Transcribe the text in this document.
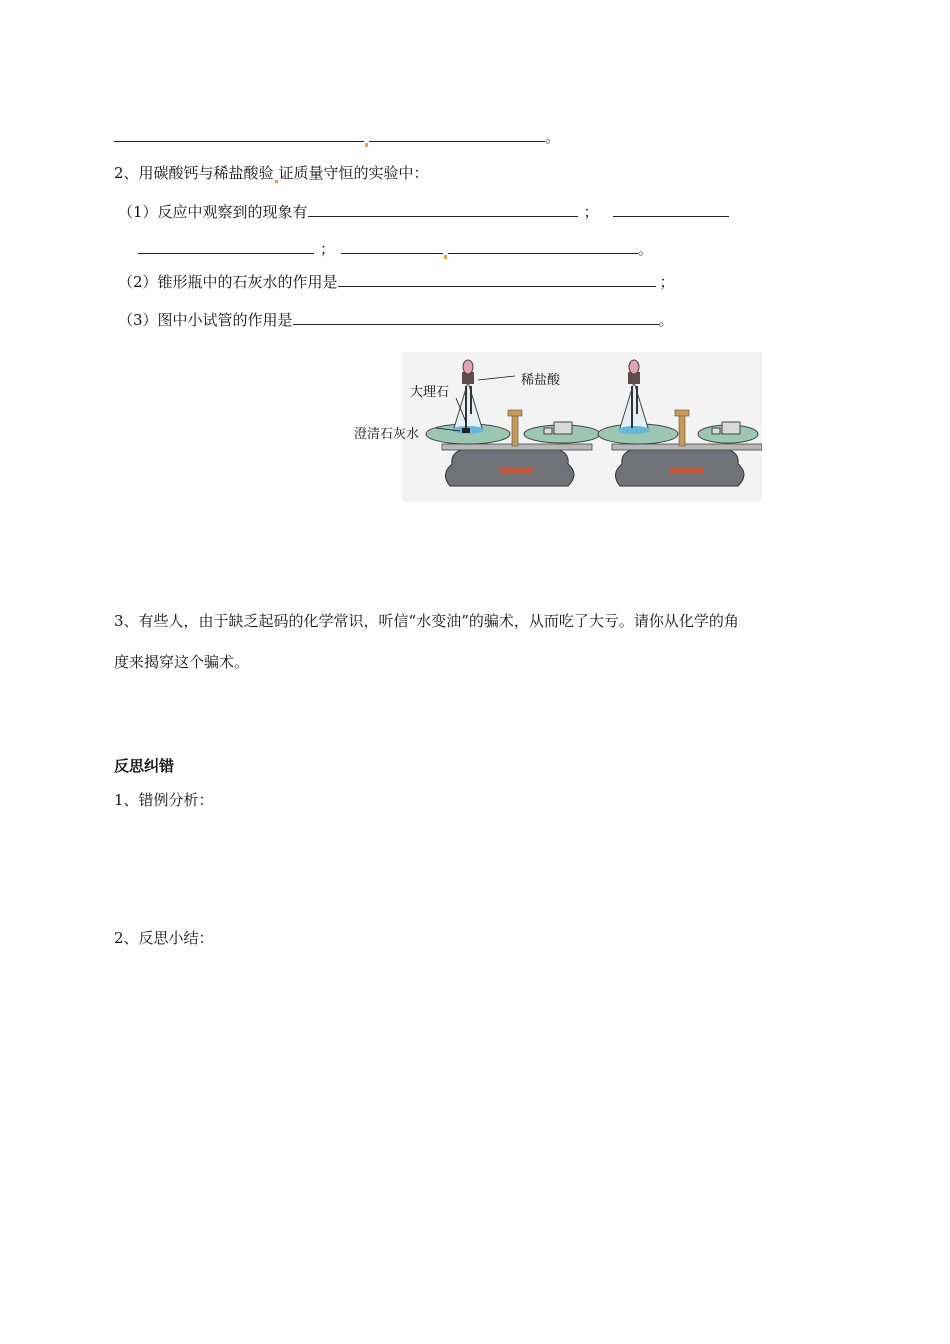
。
2、用碳酸钙与稀盐酸验 证质量守恒的实验中：
（1）反应中观察到的现象有	；
；	。
（2）锥形瓶中的石灰水的作用是	；
（3）图中小试管的作用是	。
稀盐酸
大理石
澄清石灰水
3、有些人，由于缺乏起码的化学常识，听信“水变油”的骗术，从而吃了大亏。请你从化学的角
度来揭穿这个骗术。
反思纠错
1、错例分析：
2、反思小结：
